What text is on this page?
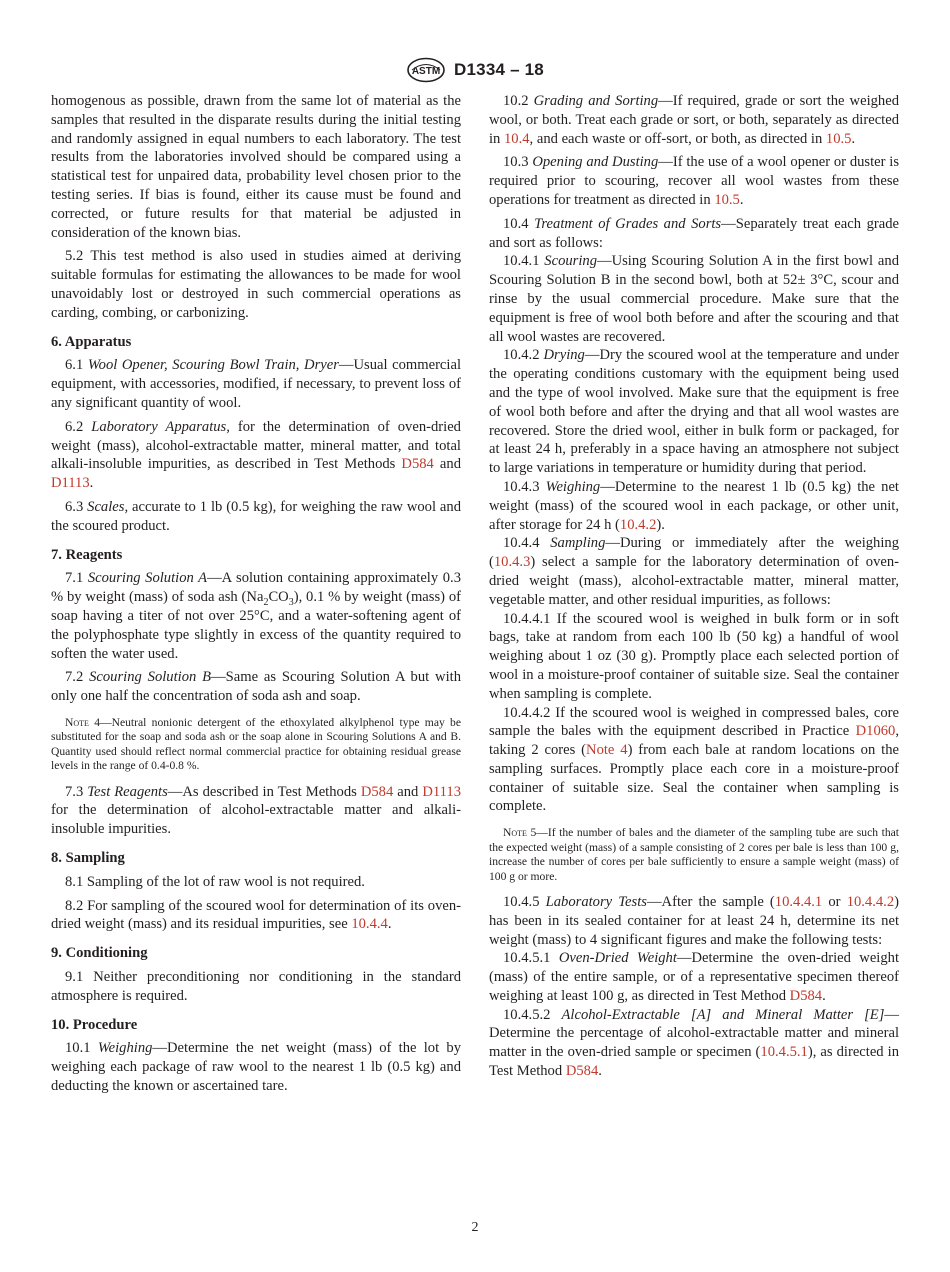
ASTM D1334 – 18

homogenous as possible, drawn from the same lot of material as the samples that resulted in the disparate results during the initial testing and randomly assigned in equal numbers to each laboratory. The test results from the laboratories involved should be compared using a statistical test for unpaired data, probability level chosen prior to the testing series. If bias is found, either its cause must be found and corrected, or future results for that material be adjusted in consideration of the known bias.

5.2 This test method is also used in studies aimed at deriving suitable formulas for estimating the allowances to be made for wool unavoidably lost or destroyed in such commercial operations as carding, combing, or carbonizing.

6. Apparatus

6.1 Wool Opener, Scouring Bowl Train, Dryer—Usual commercial equipment, with accessories, modified, if necessary, to prevent loss of any significant quantity of wool.

6.2 Laboratory Apparatus, for the determination of oven-dried weight (mass), alcohol-extractable matter, mineral matter, and total alkali-insoluble impurities, as described in Test Methods D584 and D1113.

6.3 Scales, accurate to 1 lb (0.5 kg), for weighing the raw wool and the scoured product.

7. Reagents

7.1 Scouring Solution A—A solution containing approximately 0.3 % by weight (mass) of soda ash $(Na_2CO_3)$, 0.1 % by weight (mass) of soap having a titer of not over 25°C, and a water-softening agent of the polyphosphate type slightly in excess of the quantity required to soften the water used.

7.2 Scouring Solution B—Same as Scouring Solution A but with only one half the concentration of soda ash and soap.

Note 4—Neutral nonionic detergent of the ethoxylated alkylphenol type may be substituted for the soap and soda ash or the soap alone in Scouring Solutions A and B. Quantity used should reflect normal commercial practice for obtaining residual grease levels in the range of 0.4-0.8 %.

7.3 Test Reagents—As described in Test Methods D584 and D1113 for the determination of alcohol-extractable matter and alkali-insoluble impurities.

8. Sampling

8.1 Sampling of the lot of raw wool is not required.

8.2 For sampling of the scoured wool for determination of its oven-dried weight (mass) and its residual impurities, see 10.4.4.

9. Conditioning

9.1 Neither preconditioning nor conditioning in the standard atmosphere is required.

10. Procedure

10.1 Weighing—Determine the net weight (mass) of the lot by weighing each package of raw wool to the nearest 1 lb (0.5 kg) and deducting the known or ascertained tare.

10.2 Grading and Sorting—If required, grade or sort the weighed wool, or both. Treat each grade or sort, or both, separately as directed in 10.4, and each waste or off-sort, or both, as directed in 10.5.

10.3 Opening and Dusting—If the use of a wool opener or duster is required prior to scouring, recover all wool wastes from these operations for treatment as directed in 10.5.

10.4 Treatment of Grades and Sorts—Separately treat each grade and sort as follows:

10.4.1 Scouring—Using Scouring Solution A in the first bowl and Scouring Solution B in the second bowl, both at 52± 3°C, scour and rinse by the usual commercial procedure. Make sure that the equipment is free of wool both before and after the scouring and that all wool wastes are recovered.

10.4.2 Drying—Dry the scoured wool at the temperature and under the operating conditions customary with the equipment being used and the type of wool involved. Make sure that the equipment is free of wool both before and after the drying and that all wool wastes are recovered. Store the dried wool, either in bulk form or packaged, for at least 24 h, preferably in a space having an atmosphere not subject to large variations in temperature or humidity during that period.

10.4.3 Weighing—Determine to the nearest 1 lb (0.5 kg) the net weight (mass) of the scoured wool in each package, or other unit, after storage for 24 h (10.4.2).

10.4.4 Sampling—During or immediately after the weighing (10.4.3) select a sample for the laboratory determination of oven-dried weight (mass), alcohol-extractable matter, mineral matter, vegetable matter, and other residual impurities, as follows:

10.4.4.1 If the scoured wool is weighed in bulk form or in soft bags, take at random from each 100 lb (50 kg) a handful of wool weighing about 1 oz (30 g). Promptly place each selected portion of wool in a moisture-proof container of suitable size. Seal the container when sampling is complete.

10.4.4.2 If the scoured wool is weighed in compressed bales, core sample the bales with the equipment described in Practice D1060, taking 2 cores (Note 4) from each bale at random locations on the sampling surfaces. Promptly place each core in a moisture-proof container of suitable size. Seal the container when sampling is complete.

Note 5—If the number of bales and the diameter of the sampling tube are such that the expected weight (mass) of a sample consisting of 2 cores per bale is less than 100 g, increase the number of cores per bale sufficiently to ensure a sample weight (mass) of 100 g or more.

10.4.5 Laboratory Tests—After the sample (10.4.4.1 or 10.4.4.2) has been in its sealed container for at least 24 h, determine its net weight (mass) to 4 significant figures and make the following tests:

10.4.5.1 Oven-Dried Weight—Determine the oven-dried weight (mass) of the entire sample, or of a representative specimen thereof weighing at least 100 g, as directed in Test Method D584.

10.4.5.2 Alcohol-Extractable [A] and Mineral Matter [E]—Determine the percentage of alcohol-extractable matter and mineral matter in the oven-dried sample or specimen (10.4.5.1), as directed in Test Method D584.

2
